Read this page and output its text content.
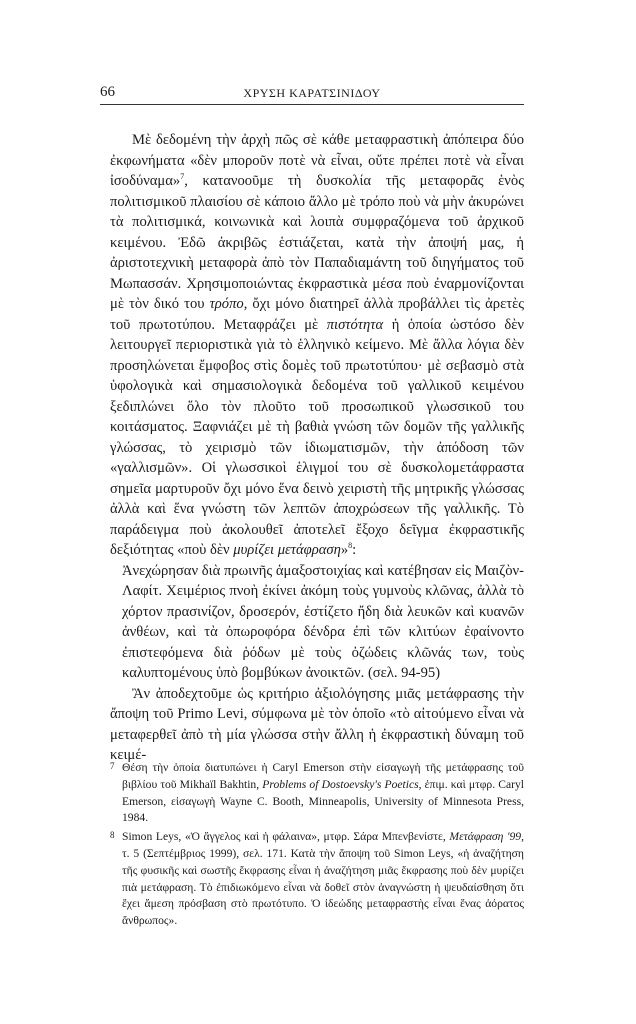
66	ΧΡΥΣΗ ΚΑΡΑΤΣΙΝΙΔΟΥ

Μὲ δεδομένη τὴν ἀρχὴ πῶς σὲ κάθε μεταφραστικὴ ἀπόπειρα δύο ἐκφωνήματα «δὲν μποροῦν ποτὲ νὰ εἶναι, οὔτε πρέπει ποτὲ νὰ εἶναι ἰσοδύναμα»$^7$, κατανοοῦμε τὴ δυσκολία τῆς μεταφορᾶς ἑνὸς πολιτισμικοῦ πλαισίου σὲ κάποιο ἄλλο μὲ τρόπο ποὺ νὰ μὴν ἀκυρώνει τὰ πολιτισμικά, κοινωνικὰ καὶ λοιπὰ συμφραζόμενα τοῦ ἀρχικοῦ κειμένου. Ἐδῶ ἀκριβῶς ἑστιάζεται, κατὰ τὴν ἀποψή μας, ἡ ἀριστοτεχνικὴ μεταφορὰ ἀπὸ τὸν Παπαδιαμάντη τοῦ διηγήματος τοῦ Μωπασσάν. Χρησιμοποιώντας ἐκφραστικὰ μέσα ποὺ ἐναρμονίζονται μὲ τὸν δικό του τρόπο, ὄχι μόνο διατηρεῖ ἀλλὰ προβάλλει τὶς ἀρετὲς τοῦ πρωτοτύπου. Μεταφράζει μὲ πιστότητα ἡ ὁποία ὡστόσο δὲν λειτουργεῖ περιοριστικὰ γιὰ τὸ ἑλληνικὸ κείμενο. Μὲ ἄλλα λόγια δὲν προσηλώνεται ἔμφοβος στὶς δομὲς τοῦ πρωτοτύπου· μὲ σεβασμὸ στὰ ὑφολογικὰ καὶ σημασιολογικὰ δεδομένα τοῦ γαλλικοῦ κειμένου ξεδιπλώνει ὅλο τὸν πλοῦτο τοῦ προσωπικοῦ γλωσσικοῦ του κοιτάσματος. Ξαφνιάζει μὲ τὴ βαθιὰ γνώση τῶν δομῶν τῆς γαλλικῆς γλώσσας, τὸ χειρισμὸ τῶν ἰδιωματισμῶν, τὴν ἀπόδοση τῶν «γαλλισμῶν». Οἱ γλωσσικοὶ ἑλιγμοί του σὲ δυσκολομετάφραστα σημεῖα μαρτυροῦν ὄχι μόνο ἕνα δεινὸ χειριστὴ τῆς μητρικῆς γλώσσας ἀλλὰ καὶ ἕνα γνώστη τῶν λεπτῶν ἀποχρώσεων τῆς γαλλικῆς. Τὸ παράδειγμα ποὺ ἀκολουθεῖ ἀποτελεῖ ἔξοχο δεῖγμα ἐκφραστικῆς δεξιότητας «ποὺ δὲν μυρίζει μετάφραση»$^8$:

Ἀνεχώρησαν διὰ πρωινῆς ἁμαξοστοιχίας καὶ κατέβησαν εἰς Μαιζὸν-Λαφίτ. Χειμέριος πνοὴ ἐκίνει ἀκόμη τοὺς γυμνοὺς κλῶνας, ἀλλὰ τὸ χόρτον πρασινίζον, δροσερόν, ἐστίζετο ἤδη διὰ λευκῶν καὶ κυανῶν ἀνθέων, καὶ τὰ ὀπωροφόρα δένδρα ἐπὶ τῶν κλιτύων ἐφαίνοντο ἐπιστεφόμενα διὰ ῥόδων μὲ τοὺς ὀζώδεις κλῶνάς των, τοὺς καλυπτομένους ὑπὸ βομβύκων ἀνοικτῶν. (σελ. 94-95)

Ἂν ἀποδεχτοῦμε ὡς κριτήριο ἀξιολόγησης μιᾶς μετάφρασης τὴν ἄποψη τοῦ Primo Levi, σύμφωνα μὲ τὸν ὁποῖο «τὸ αἰτούμενο εἶναι νὰ μεταφερθεῖ ἀπὸ τὴ μία γλώσσα στὴν ἄλλη ἡ ἐκφραστικὴ δύναμη τοῦ κειμέ-

7 Θέση τὴν ὁποία διατυπώνει ἡ Caryl Emerson στὴν εἰσαγωγὴ τῆς μετάφρασης τοῦ βιβλίου τοῦ Mikhaïl Bakhtin, Problems of Dostoevsky's Poetics, ἐπιμ. καὶ μτφρ. Caryl Emerson, εἰσαγωγὴ Wayne C. Booth, Minneapolis, University of Minnesota Press, 1984.
8 Simon Leys, «Ὁ ἄγγελος καὶ ἡ φάλαινα», μτφρ. Σάρα Μπενβενίστε, Μετάφραση '99, τ. 5 (Σεπτέμβριος 1999), σελ. 171. Κατὰ τὴν ἄποψη τοῦ Simon Leys, «ἡ ἀναζήτηση τῆς φυσικῆς καὶ σωστῆς ἔκφρασης εἶναι ἡ ἀναζήτηση μιᾶς ἔκφρασης ποὺ δὲν μυρίζει πιὰ μετάφραση. Τὸ ἐπιδιωκόμενο εἶναι νὰ δοθεῖ στὸν ἀναγνώστη ἡ ψευδαίσθηση ὅτι ἔχει ἄμεση πρόσβαση στὸ πρωτότυπο. Ὁ ἰδεώδης μεταφραστὴς εἶναι ἕνας ἀόρατος ἄνθρωπος».
